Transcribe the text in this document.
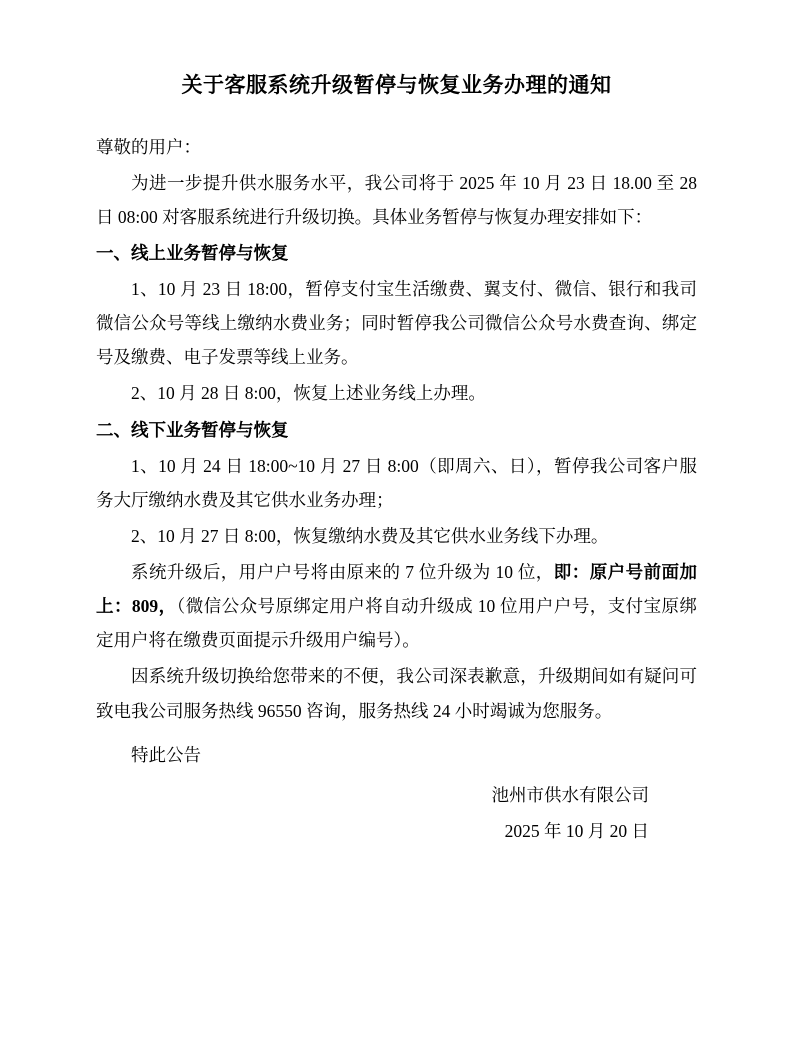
关于客服系统升级暂停与恢复业务办理的通知

尊敬的用户：

为进一步提升供水服务水平，我公司将于 2025 年 10 月 23 日 18.00 至 28 日 08:00 对客服系统进行升级切换。具体业务暂停与恢复办理安排如下：

一、线上业务暂停与恢复

1、10 月 23 日 18:00，暂停支付宝生活缴费、翼支付、微信、银行和我司微信公众号等线上缴纳水费业务；同时暂停我公司微信公众号水费查询、绑定号及缴费、电子发票等线上业务。

2、10 月 28 日 8:00，恢复上述业务线上办理。

二、线下业务暂停与恢复

1、10 月 24 日 18:00~10 月 27 日 8:00（即周六、日），暂停我公司客户服务大厅缴纳水费及其它供水业务办理；

2、10 月 27 日 8:00，恢复缴纳水费及其它供水业务线下办理。

系统升级后，用户户号将由原来的 7 位升级为 10 位，即：原户号前面加上：809，（微信公众号原绑定用户将自动升级成 10 位用户户号，支付宝原绑定用户将在缴费页面提示升级用户编号）。

因系统升级切换给您带来的不便，我公司深表歉意，升级期间如有疑问可致电我公司服务热线 96550 咨询，服务热线 24 小时竭诚为您服务。

特此公告

池州市供水有限公司

2025 年 10 月 20 日
